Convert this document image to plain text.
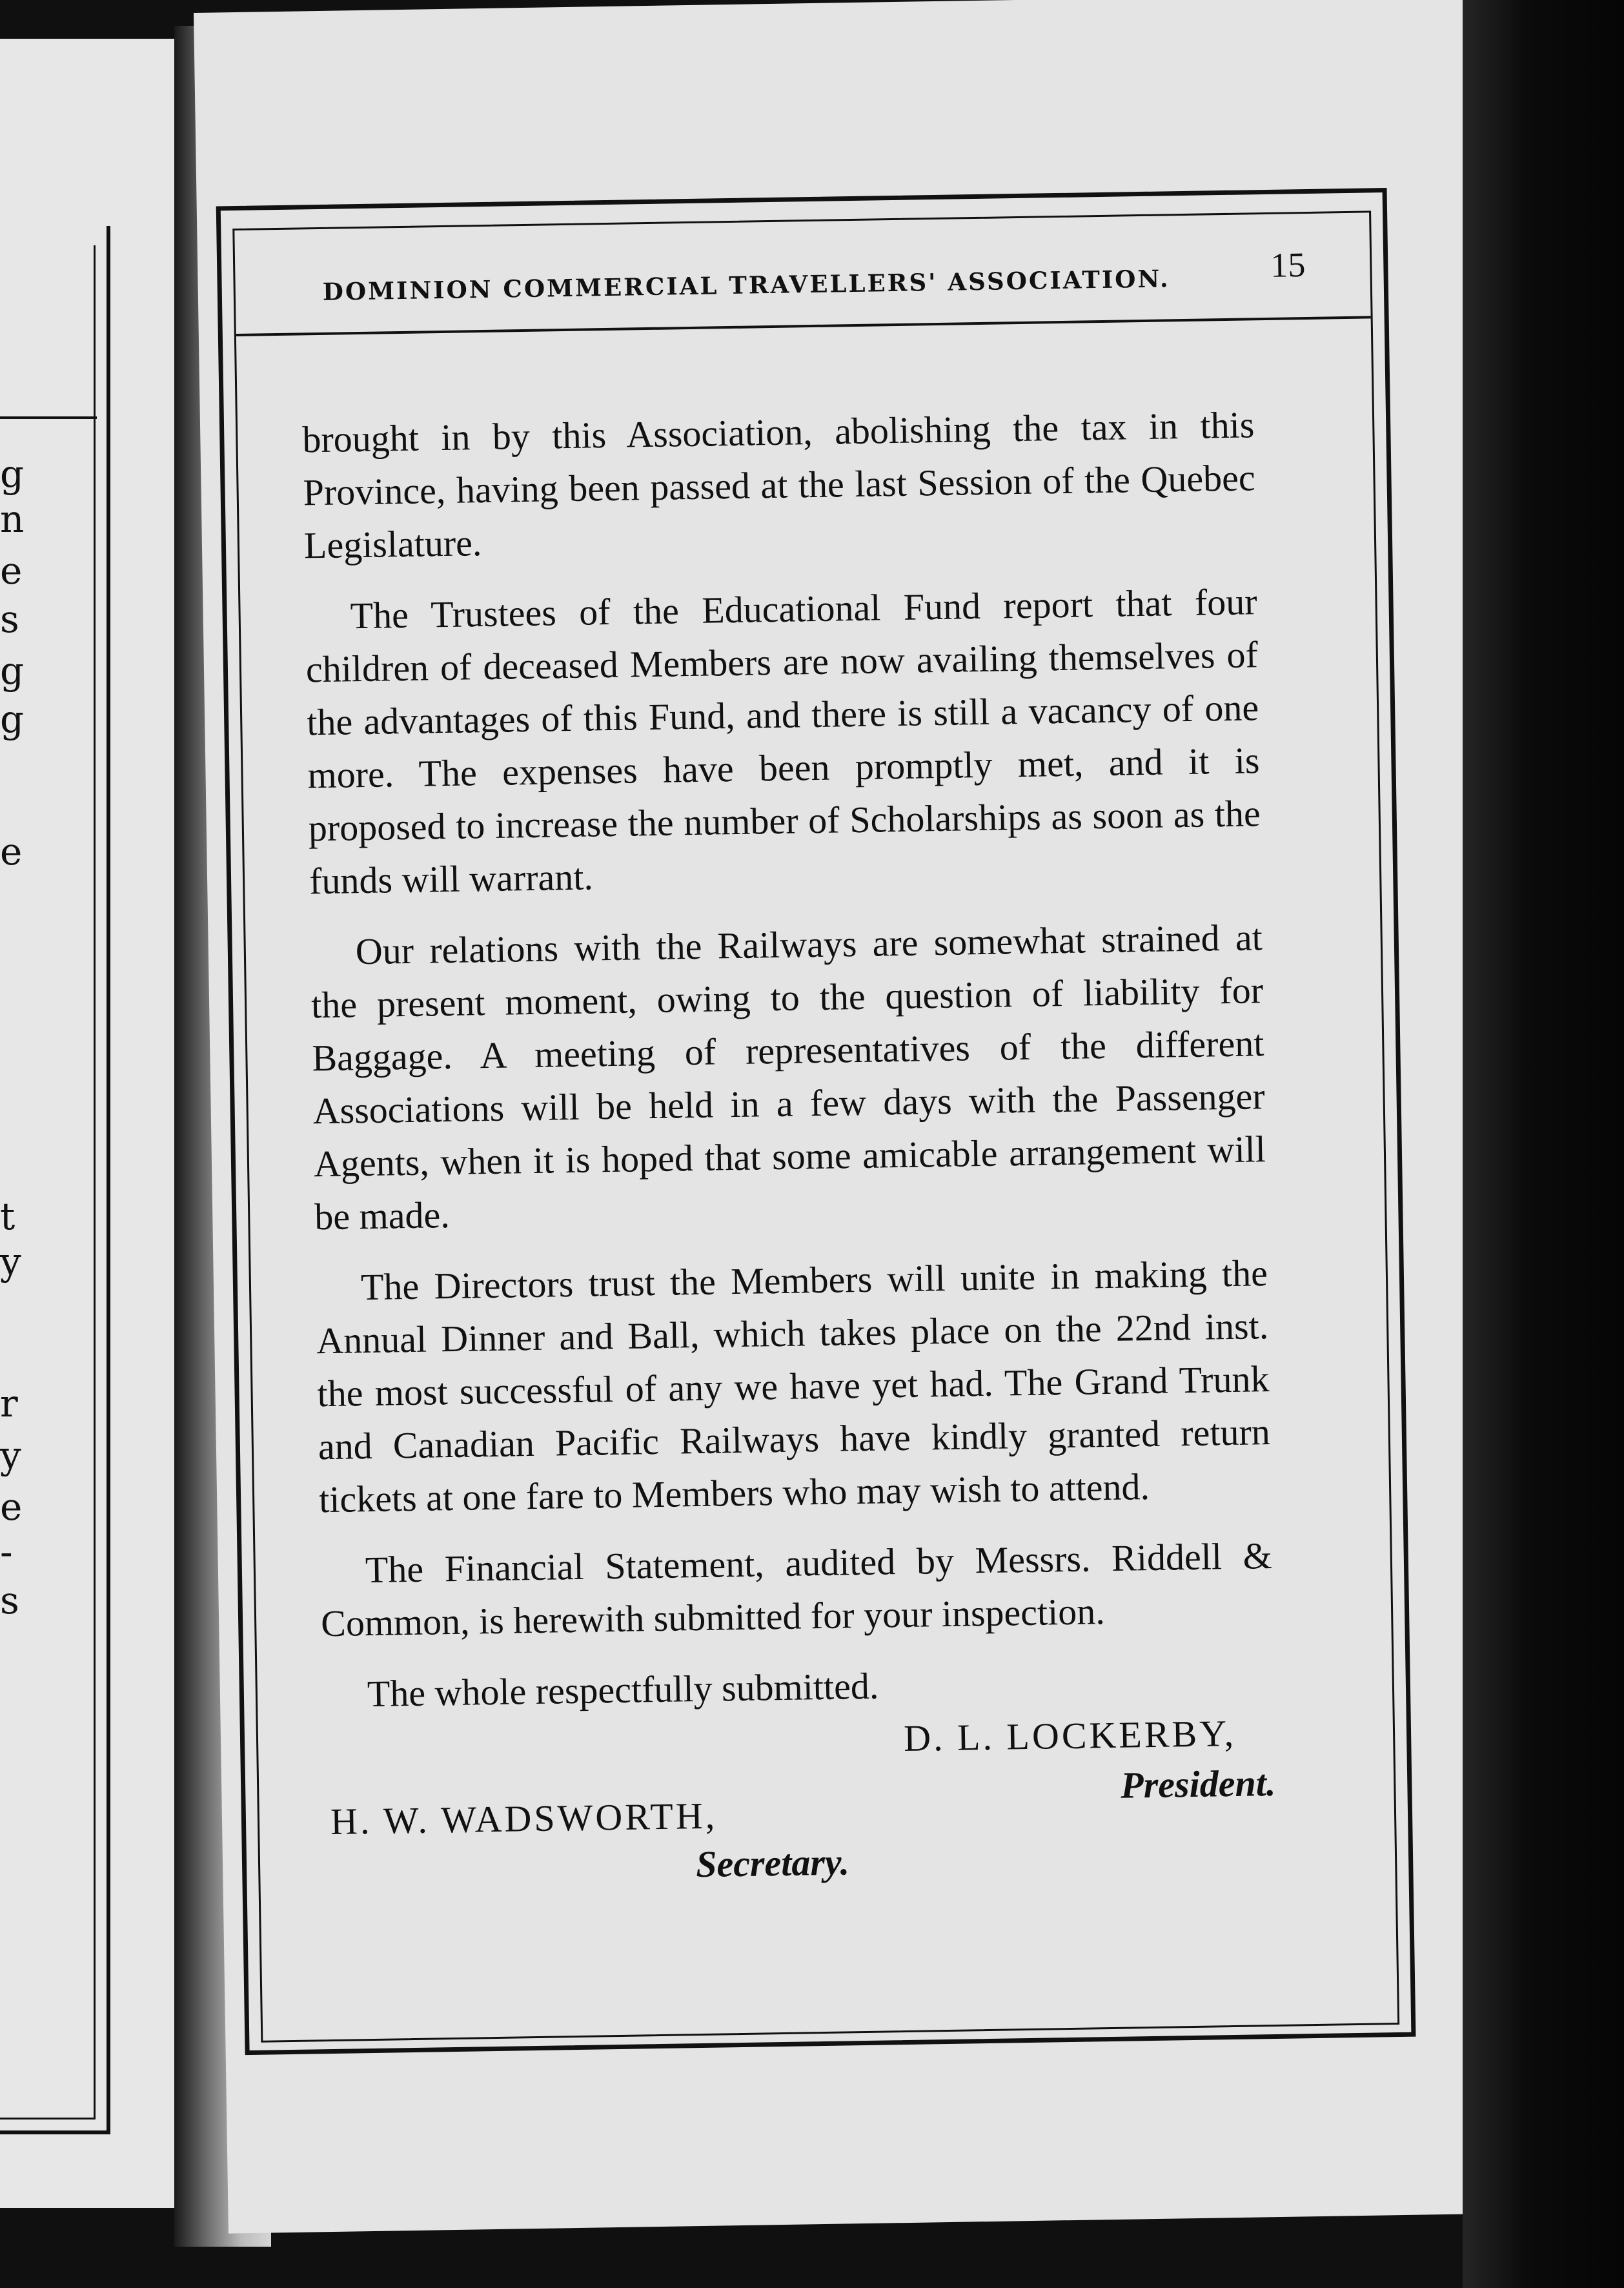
g
n
e
s
g
g
e
t
y
r
y
e
-
s
DOMINION COMMERCIAL TRAVELLERS' ASSOCIATION.	15

brought in by this Association, abolishing the tax in this Province, having been passed at the last Session of the Quebec Legislature.

The Trustees of the Educational Fund report that four children of deceased Members are now availing themselves of the advantages of this Fund, and there is still a vacancy of one more. The expenses have been promptly met, and it is proposed to increase the number of Scholarships as soon as the funds will warrant.

Our relations with the Railways are somewhat strained at the present moment, owing to the question of liability for Baggage. A meeting of representatives of the different Associations will be held in a few days with the Passenger Agents, when it is hoped that some amicable arrangement will be made.

The Directors trust the Members will unite in making the Annual Dinner and Ball, which takes place on the 22nd inst. the most successful of any we have yet had. The Grand Trunk and Canadian Pacific Railways have kindly granted return tickets at one fare to Members who may wish to attend.

The Financial Statement, audited by Messrs. Riddell & Common, is herewith submitted for your inspection.

The whole respectfully submitted.
D. L. LOCKERBY,
President.
H. W. WADSWORTH,
Secretary.
